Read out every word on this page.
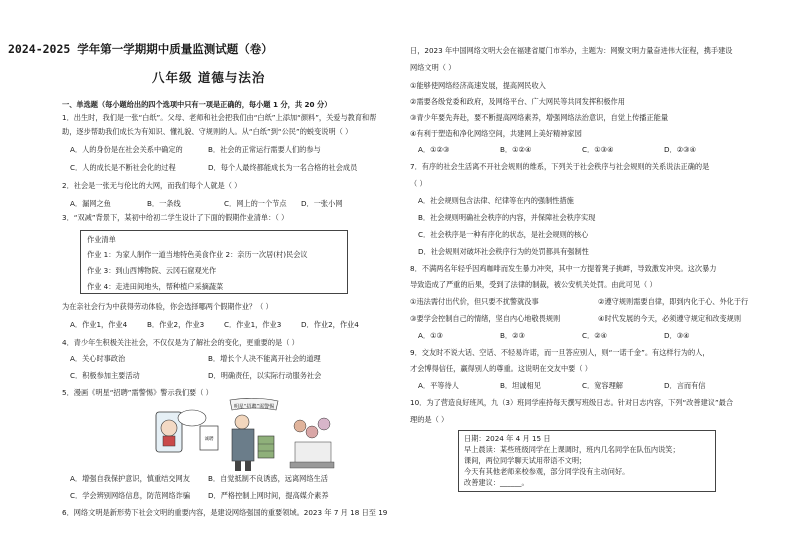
2024-2025 学年第一学期期中质量监测试题（卷）
八年级 道德与法治
一、单选题（每小题给出的四个选项中只有一项是正确的，每小题 1 分，共 20 分）
1．出生时，我们是一张“白纸”。父母、老师和社会把我们由“白纸”上添加“颜料”，关爱与教育和帮
助，逐步帮助我们成长为有知识、懂礼貌、守规则的人。从“白纸”到“公民”的蜕变说明（ ）
A．人的身份是在社会关系中确定的	B．社会的正常运行需要人们的参与
C．人的成长是不断社会化的过程	D．每个人最终都能成长为一名合格的社会成员
2．社会是一张无与伦比的大网，而我们每个人就是（ ）
A．漏网之鱼	B．一条线	C．网上的一个节点 D．一张小网
3．“双减”背景下，某初中给初二学生设计了下面的假期作业清单：（ ）
作业清单
作业 1：为家人制作一道当地特色美食作业 2：亲历一次居(村)民会议
作业 3：到山西博物院、云冈石窟观光作
作业 4：走进田间地头，帮种植户采摘蔬菜
为在亲社会行为中获得劳动体验，你会选择哪两个假期作业？（ ）
A．作业1，作业4	B．作业2，作业3	C．作业1，作业3	D．作业2，作业4
4．青少年生积极关注社会，不仅仅是为了解社会的变化，更重要的是（ ）
A．关心时事政治	B．增长个人决不能离开社会的道理
C．积极参加主要活动	D．明确责任，以实际行动服务社会
5．漫画《明星“招聘”需警惕》警示我们要（ ）
明星“招聘”需警惕
诚聘
A．增强自我保护意识，慎重结交网友	B．自觉抵制不良诱惑，远离网络生活
C．学会辨别网络信息，防范网络诈骗 D．严格控制上网时间，提高媒介素养
6．网络文明是新形势下社会文明的重要内容，是建设网络强国的重要领域。2023 年 7 月 18 日至 19
日，2023 年中国网络文明大会在福建省厦门市举办，主题为：网聚文明力量奋进伟大征程，携手建设
网络文明（ ）
①能够使网络经济高速发展，提高网民收入
②需要各级党委和政府，及网络平台、广大网民等共同发挥积极作用
③青少年要先奔赴，要不断提高网络素养，增强网络法治意识，自觉上传播正能量
④有利于塑造和净化网络空间，共建网上美好精神家园
A．①②③	B．①②④	C．①③④	D．②③④
7．有序的社会生活离不开社会规则的维系，下列关于社会秩序与社会规则的关系说法正确的是
（ ）
A．社会规则包含法律、纪律等在内的强制性措施
B．社会规则明确社会秩序的内容，并保障社会秩序实现
C．社会秩序是一种有序化的状态，是社会规则的核心
D．社会规则对破坏社会秩序行为的处罚都具有强制性
8．不满两名年轻乎因鸡咖啡而发生暴力冲突，其中一方提着凳子挑衅，导致激发冲突。这次暴力
导致造成了严重的后果，受到了法律的制裁，被公安机关处罚。由此可见（ ）
①违法需付出代价，但只要不扰警就没事	②遵守规则需要自律，即到内化于心、外化于行
③要学会控制自己的情绪，坚自内心地敬畏规则	④时代发展的今天，必须遵守规定和改变规则
A．①③	B．②③	C．②④	D．③④
9．交友时不说大话、空话、不轻易许诺，而一旦答应别人，则“一诺千金”。有这样行为的人，
才会博得信任，赢得别人的尊重。这说明在交友中要（ ）
A．平等待人	B．坦诚相见	C．宽容理解	D．言而有信
10．为了营造良好班风，九（3）班同学座持每天撰写班级日志。针对日志内容，下列“改善建议”最合
理的是（ ）
日期：2024 年 4 月 15 日
早上晨读：某些班级同学在上课调时，班内几名同学在队伍内说笑；
课间，两位同学聊天试用带语不文明；
今天有其他老师来校参观，部分同学没有主动问好。
改善建议：______。
